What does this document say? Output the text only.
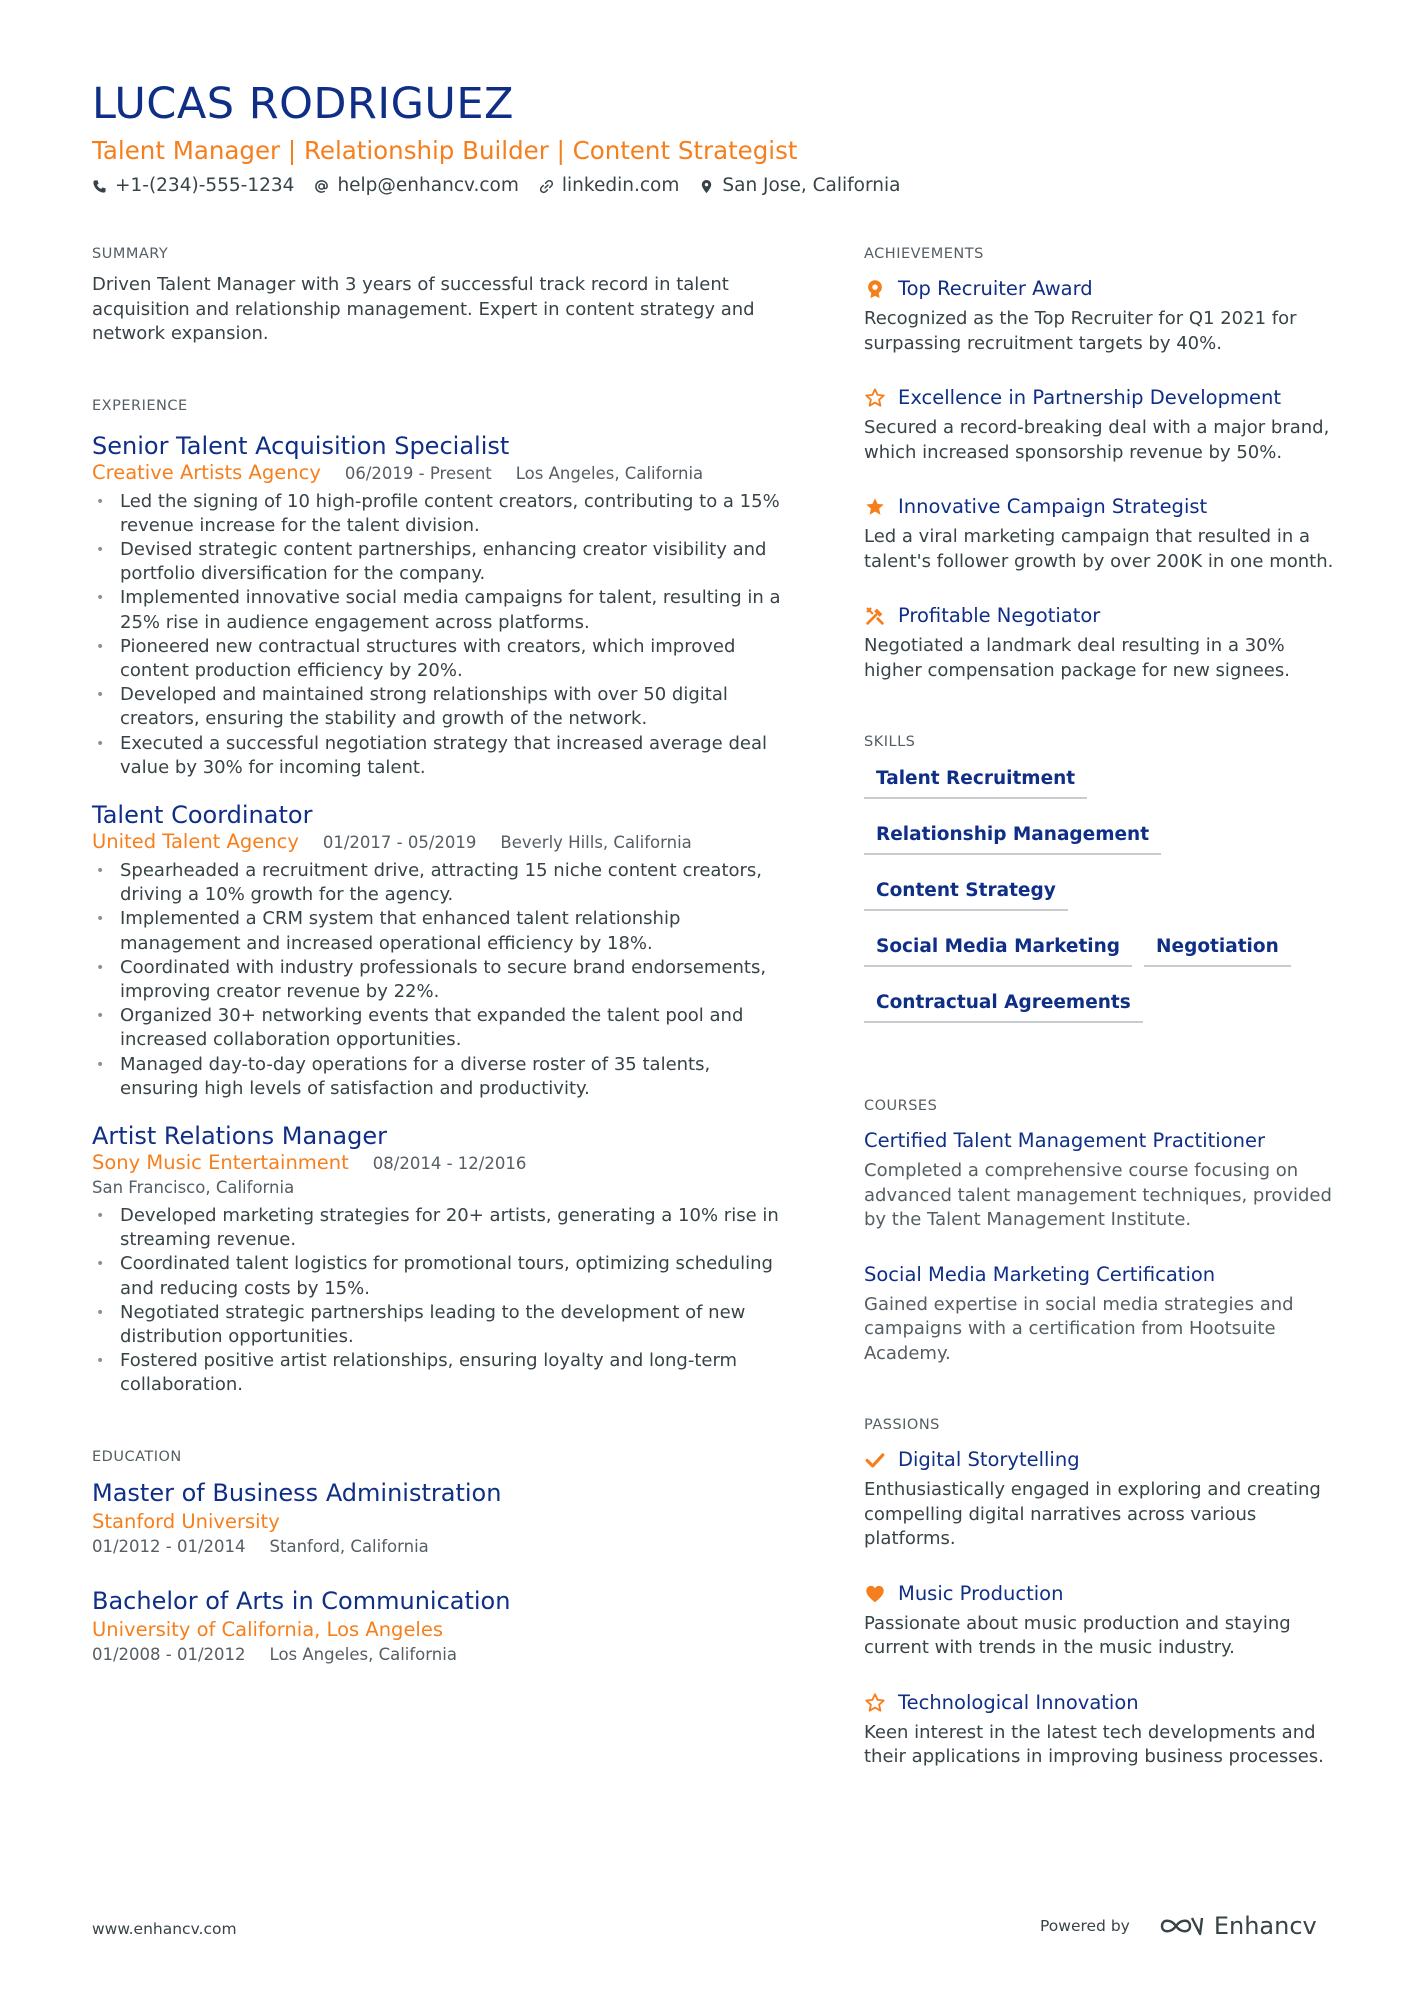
LUCAS RODRIGUEZ
Talent Manager | Relationship Builder | Content Strategist
+1-(234)-555-1234 help@enhancv.com linkedin.com San Jose, California
SUMMARY

Driven Talent Manager with 3 years of successful track record in talent acquisition and relationship management. Expert in content strategy and network expansion.

EXPERIENCE
Senior Talent Acquisition Specialist
Creative Artists Agency 06/2019 - Present Los Angeles, California
• Led the signing of 10 high-profile content creators, contributing to a 15% revenue increase for the talent division.
• Devised strategic content partnerships, enhancing creator visibility and portfolio diversification for the company.
• Implemented innovative social media campaigns for talent, resulting in a 25% rise in audience engagement across platforms.
• Pioneered new contractual structures with creators, which improved content production efficiency by 20%.
• Developed and maintained strong relationships with over 50 digital creators, ensuring the stability and growth of the network.
• Executed a successful negotiation strategy that increased average deal value by 30% for incoming talent.
Talent Coordinator
United Talent Agency 01/2017 - 05/2019 Beverly Hills, California
• Spearheaded a recruitment drive, attracting 15 niche content creators, driving a 10% growth for the agency.
• Implemented a CRM system that enhanced talent relationship management and increased operational efficiency by 18%.
• Coordinated with industry professionals to secure brand endorsements, improving creator revenue by 22%.
• Organized 30+ networking events that expanded the talent pool and increased collaboration opportunities.
• Managed day-to-day operations for a diverse roster of 35 talents, ensuring high levels of satisfaction and productivity.
Artist Relations Manager
Sony Music Entertainment 08/2014 - 12/2016
San Francisco, California
• Developed marketing strategies for 20+ artists, generating a 10% rise in streaming revenue.
• Coordinated talent logistics for promotional tours, optimizing scheduling and reducing costs by 15%.
• Negotiated strategic partnerships leading to the development of new distribution opportunities.
• Fostered positive artist relationships, ensuring loyalty and long-term collaboration.
EDUCATION
Master of Business Administration
Stanford University
01/2012 - 01/2014 Stanford, California
Bachelor of Arts in Communication
University of California, Los Angeles
01/2008 - 01/2012 Los Angeles, California
ACHIEVEMENTS
Top Recruiter Award
Recognized as the Top Recruiter for Q1 2021 for surpassing recruitment targets by 40%.
Excellence in Partnership Development
Secured a record-breaking deal with a major brand, which increased sponsorship revenue by 50%.
Innovative Campaign Strategist
Led a viral marketing campaign that resulted in a talent's follower growth by over 200K in one month.
Profitable Negotiator
Negotiated a landmark deal resulting in a 30% higher compensation package for new signees.
SKILLS
Talent Recruitment
Relationship Management
Content Strategy
Social Media Marketing	Negotiation
Contractual Agreements
COURSES
Certified Talent Management Practitioner
Completed a comprehensive course focusing on advanced talent management techniques, provided by the Talent Management Institute.
Social Media Marketing Certification
Gained expertise in social media strategies and campaigns with a certification from Hootsuite Academy.
PASSIONS
Digital Storytelling
Enthusiastically engaged in exploring and creating compelling digital narratives across various platforms.
Music Production
Passionate about music production and staying current with trends in the music industry.
Technological Innovation
Keen interest in the latest tech developments and their applications in improving business processes.
www.enhancv.com	Powered by	Enhancv
